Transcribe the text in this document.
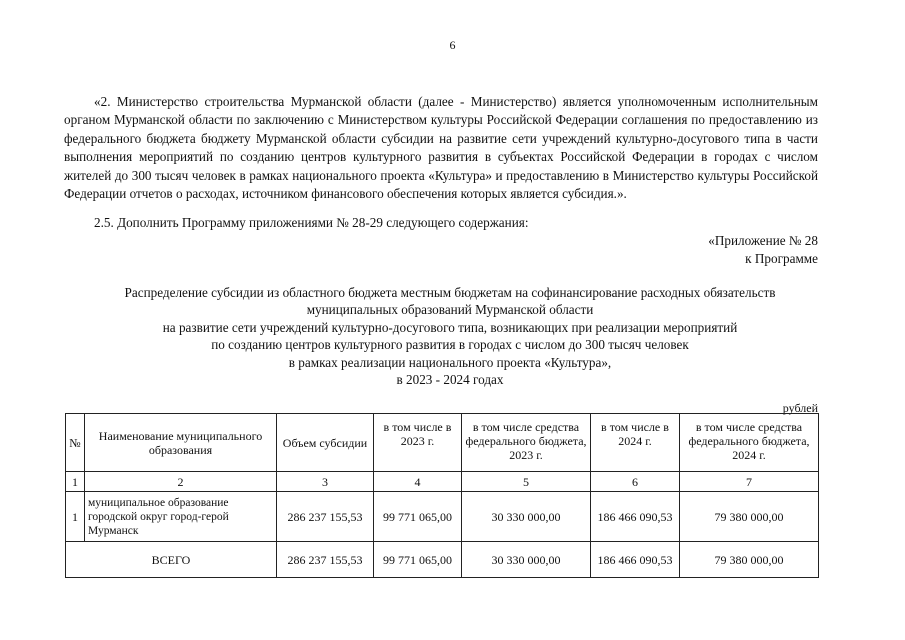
6

«2. Министерство строительства Мурманской области (далее - Министерство) является уполномоченным исполнительным органом Мурманской области по заключению с Министерством культуры Российской Федерации соглашения по предоставлению из федерального бюджета бюджету Мурманской области субсидии на развитие сети учреждений культурно-досугового типа в части выполнения мероприятий по созданию центров культурного развития в субъектах Российской Федерации в городах с числом жителей до 300 тысяч человек в рамках национального проекта «Культура» и предоставлению в Министерство культуры Российской Федерации отчетов о расходах, источником финансового обеспечения которых является субсидия.».

2.5. Дополнить Программу приложениями № 28-29 следующего содержания:

«Приложение № 28
к Программе
Распределение субсидии из областного бюджета местным бюджетам на софинансирование расходных обязательств
муниципальных образований Мурманской области
на развитие сети учреждений культурно-досугового типа, возникающих при реализации мероприятий
по созданию центров культурного развития в городах с числом до 300 тысяч человек
в рамках реализации национального проекта «Культура»,
в 2023 - 2024 годах
рублей
№	Наименование муниципального образования	Объем субсидии	в том числе в 2023 г.	в том числе средства федерального бюджета, 2023 г.	в том числе в 2024 г.	в том числе средства федерального бюджета, 2024 г.
1	2	3	4	5	6	7
1	муниципальное образование городской округ город-герой Мурманск	286 237 155,53	99 771 065,00	30 330 000,00	186 466 090,53	79 380 000,00
ВСЕГО		286 237 155,53	99 771 065,00	30 330 000,00	186 466 090,53	79 380 000,00
